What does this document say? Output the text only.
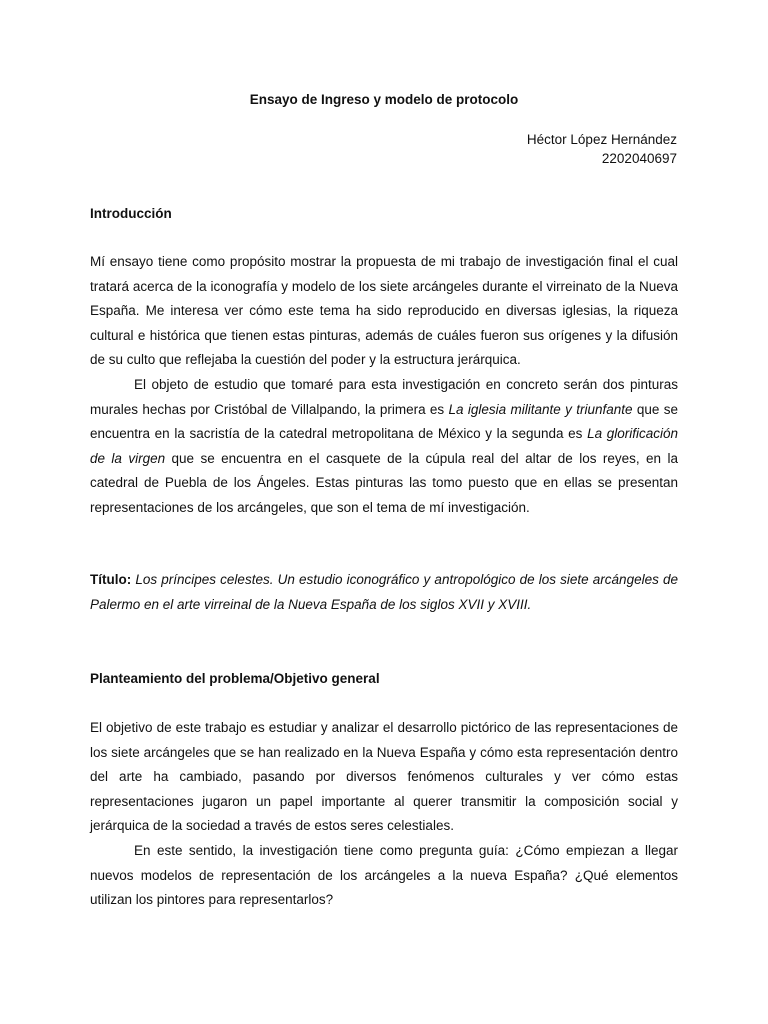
Ensayo de Ingreso y modelo de protocolo
Héctor López Hernández
2202040697
Introducción

Mí ensayo tiene como propósito mostrar la propuesta de mi trabajo de investigación final el cual tratará acerca de la iconografía y modelo de los siete arcángeles durante el virreinato de la Nueva España. Me interesa ver cómo este tema ha sido reproducido en diversas iglesias, la riqueza cultural e histórica que tienen estas pinturas, además de cuáles fueron sus orígenes y la difusión de su culto que reflejaba la cuestión del poder y la estructura jerárquica.

El objeto de estudio que tomaré para esta investigación en concreto serán dos pinturas murales hechas por Cristóbal de Villalpando, la primera es La iglesia militante y triunfante que se encuentra en la sacristía de la catedral metropolitana de México y la segunda es La glorificación de la virgen que se encuentra en el casquete de la cúpula real del altar de los reyes, en la catedral de Puebla de los Ángeles. Estas pinturas las tomo puesto que en ellas se presentan representaciones de los arcángeles, que son el tema de mí investigación.

Título: Los príncipes celestes. Un estudio iconográfico y antropológico de los siete arcángeles de Palermo en el arte virreinal de la Nueva España de los siglos XVII y XVIII.

Planteamiento del problema/Objetivo general

El objetivo de este trabajo es estudiar y analizar el desarrollo pictórico de las representaciones de los siete arcángeles que se han realizado en la Nueva España y cómo esta representación dentro del arte ha cambiado, pasando por diversos fenómenos culturales y ver cómo estas representaciones jugaron un papel importante al querer transmitir la composición social y jerárquica de la sociedad a través de estos seres celestiales.

En este sentido, la investigación tiene como pregunta guía: ¿Cómo empiezan a llegar nuevos modelos de representación de los arcángeles a la nueva España? ¿Qué elementos utilizan los pintores para representarlos?
